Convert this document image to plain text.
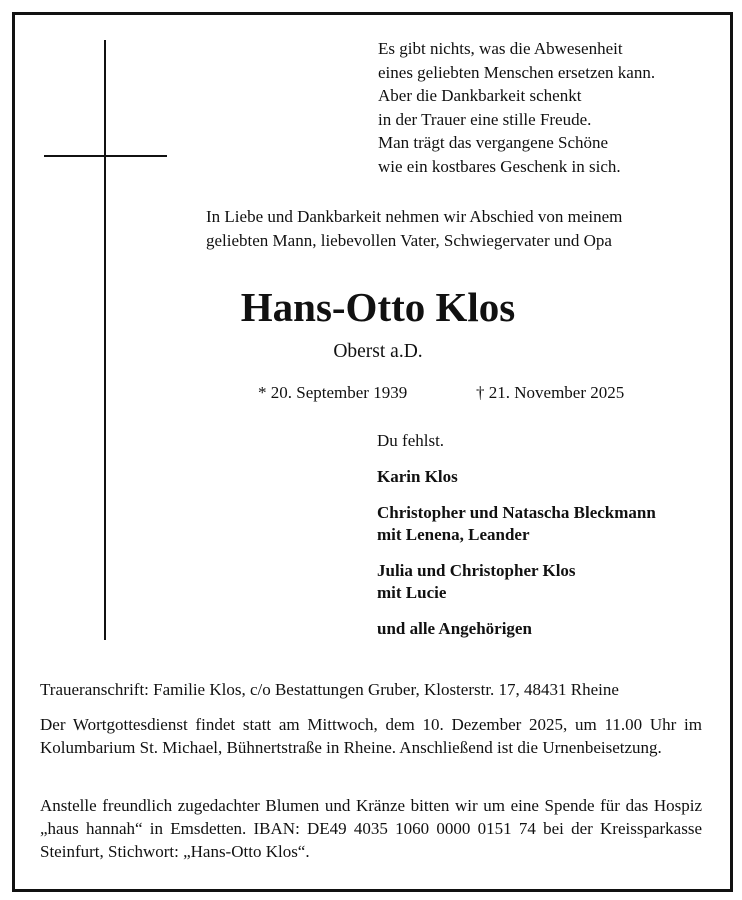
Es gibt nichts, was die Abwesenheit
eines geliebten Menschen ersetzen kann.
Aber die Dankbarkeit schenkt
in der Trauer eine stille Freude.
Man trägt das vergangene Schöne
wie ein kostbares Geschenk in sich.
In Liebe und Dankbarkeit nehmen wir Abschied von meinem
geliebten Mann, liebevollen Vater, Schwiegervater und Opa
Hans-Otto Klos
Oberst a.D.
* 20. September 1939	† 21. November 2025
Du fehlst.
Karin Klos
Christopher und Natascha Bleckmann
mit Lenena, Leander
Julia und Christopher Klos
mit Lucie
und alle Angehörigen
Traueranschrift: Familie Klos, c/o Bestattungen Gruber, Klosterstr. 17, 48431 Rheine
Der Wortgottesdienst findet statt am Mittwoch, dem 10. Dezember 2025, um 11.00 Uhr im Kolumbarium St. Michael, Bühnertstraße in Rheine. Anschließend ist die Urnenbeisetzung.
Anstelle freundlich zugedachter Blumen und Kränze bitten wir um eine Spende für das Hospiz „haus hannah“ in Emsdetten. IBAN: DE49 4035 1060 0000 0151 74 bei der Kreissparkasse Steinfurt, Stichwort: „Hans-Otto Klos“.
